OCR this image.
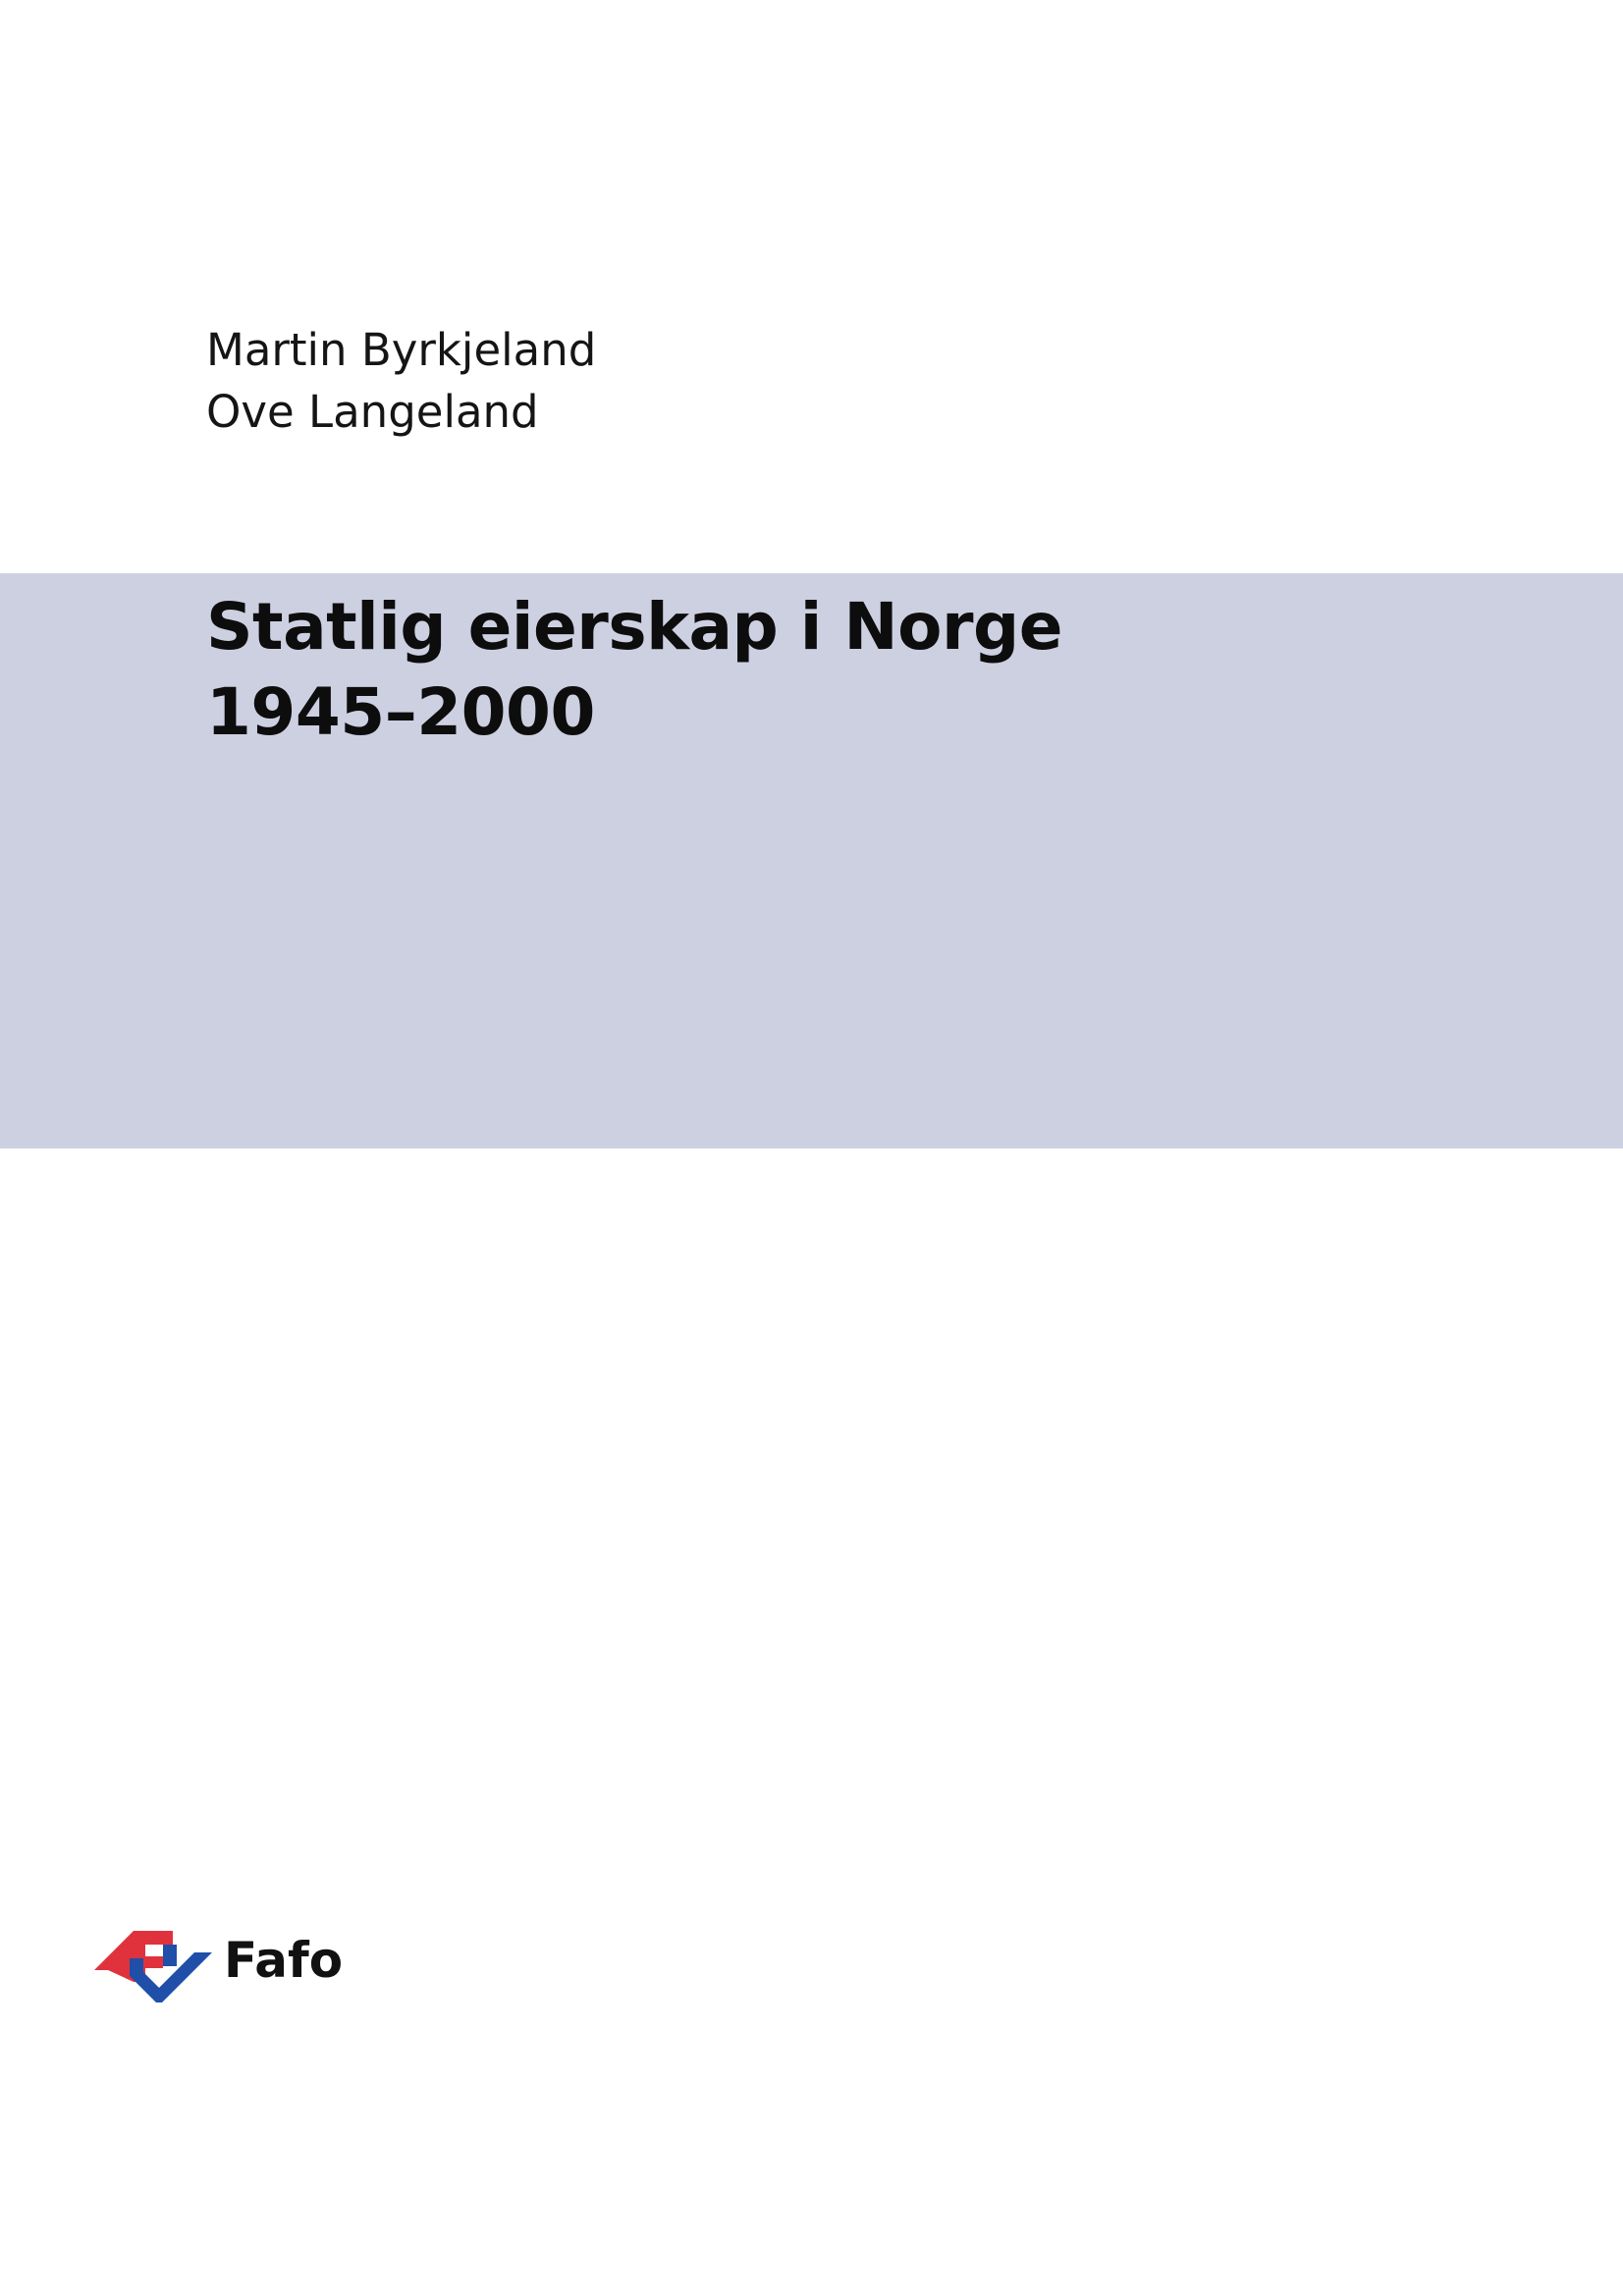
Martin Byrkjeland
Ove Langeland
Statlig eierskap i Norge
1945–2000
Fafo
